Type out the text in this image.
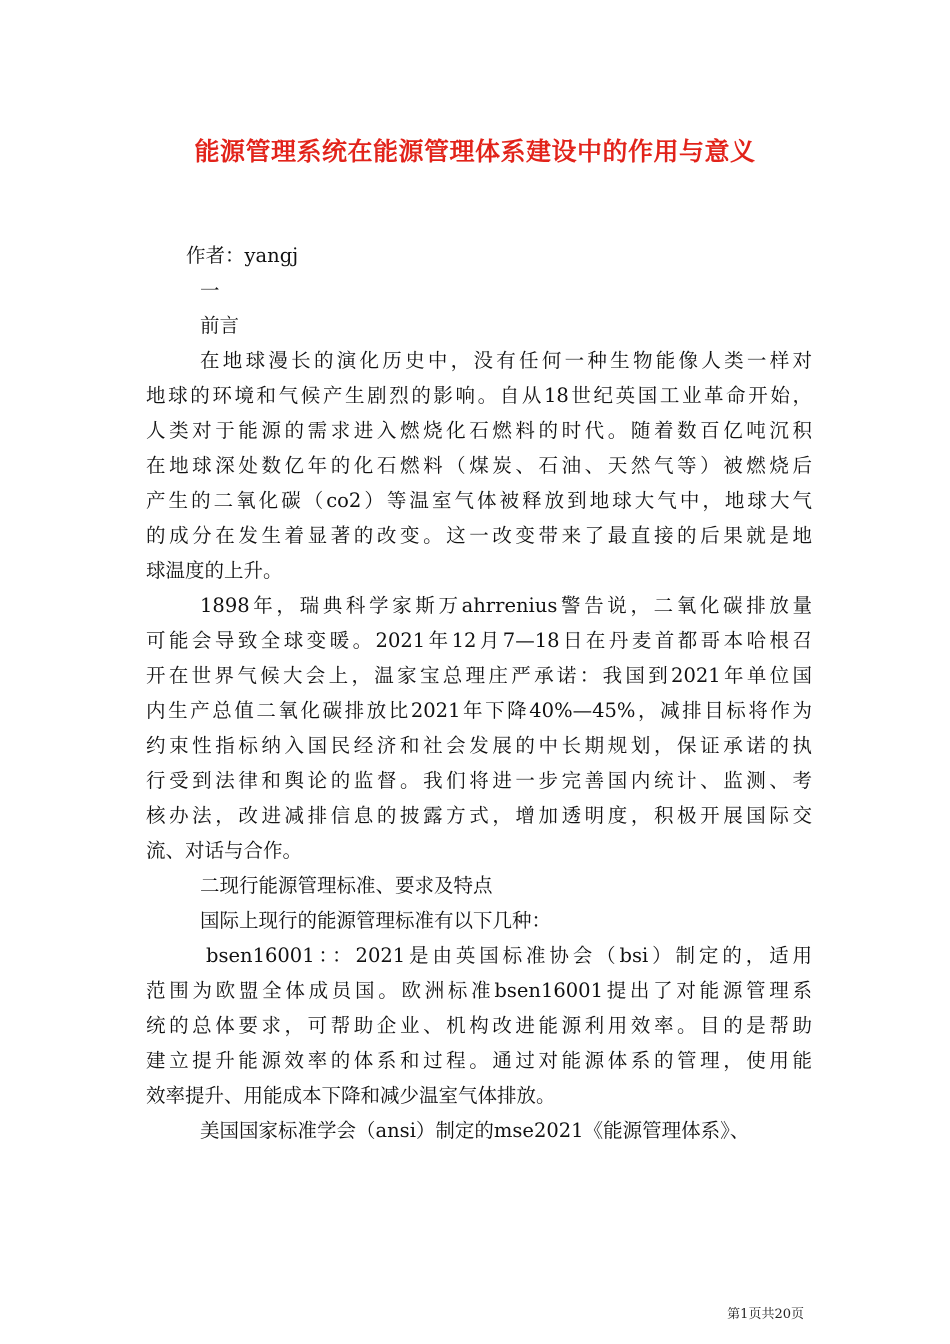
能源管理系统在能源管理体系建设中的作用与意义
作者：yangj
一
前言
在地球漫长的演化历史中，没有任何一种生物能像人类一样对
地球的环境和气候产生剧烈的影响。自从18世纪英国工业革命开始，
人类对于能源的需求进入燃烧化石燃料的时代。随着数百亿吨沉积
在地球深处数亿年的化石燃料（煤炭、石油、天然气等）被燃烧后
产生的二氧化碳（co2）等温室气体被释放到地球大气中，地球大气
的成分在发生着显著的改变。这一改变带来了最直接的后果就是地
球温度的上升。
1898年，瑞典科学家斯万ahrrenius警告说，二氧化碳排放量
可能会导致全球变暖。2021年12月7—18日在丹麦首都哥本哈根召
开在世界气候大会上，温家宝总理庄严承诺：我国到2021年单位国
内生产总值二氧化碳排放比2021年下降40%—45%，减排目标将作为
约束性指标纳入国民经济和社会发展的中长期规划，保证承诺的执
行受到法律和舆论的监督。我们将进一步完善国内统计、监测、考
核办法，改进减排信息的披露方式，增加透明度，积极开展国际交
流、对话与合作。
二现行能源管理标准、要求及特点
国际上现行的能源管理标准有以下几种：
bsen16001：：2021是由英国标准协会（bsi）制定的，适用
范围为欧盟全体成员国。欧洲标准bsen16001提出了对能源管理系
统的总体要求，可帮助企业、机构改进能源利用效率。目的是帮助
建立提升能源效率的体系和过程。通过对能源体系的管理，使用能
效率提升、用能成本下降和减少温室气体排放。
美国国家标准学会（ansi）制定的mse2021《能源管理体系》、
第1页共20页
